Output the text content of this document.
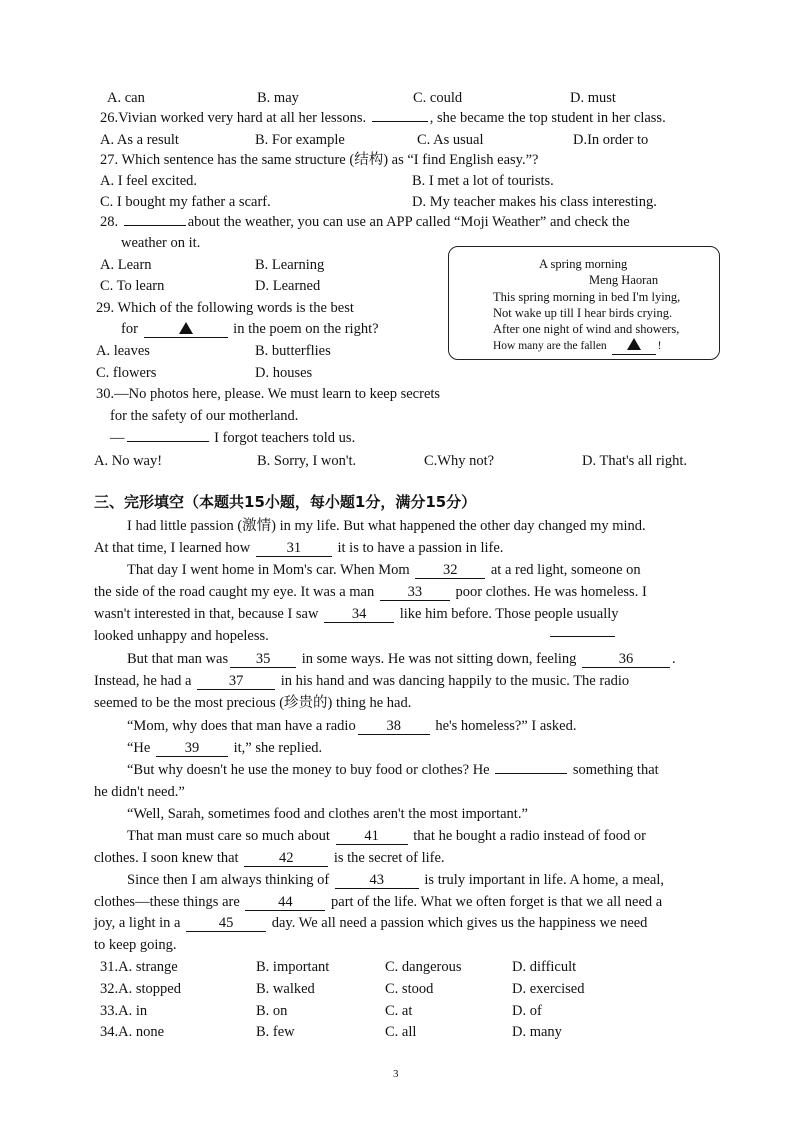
A. can	B. may	C. could	D. must
26.Vivian worked very hard at all her lessons.	, she became the top student in her class.
A. As a result	B. For example	C. As usual	D.In order to
27. Which sentence has the same structure (结构) as “I find English easy.”?
A. I feel excited.	B. I met a lot of tourists.
C. I bought my father a scarf.	D. My teacher makes his class interesting.
28.	about the weather, you can use an APP called “Moji Weather” and check the
weather on it.
A. Learn	B. Learning
C. To learn	D. Learned
A spring morning
Meng Haoran
This spring morning in bed I'm lying,
Not wake up till I hear birds crying.
After one night of wind and showers,
How many are the fallen	!
29. Which of the following words is the best
for	in the poem on the right?
A. leaves	B. butterflies
C. flowers	D. houses
30.—No photos here, please. We must learn to keep secrets
for the safety of our motherland.
—	I forgot teachers told us.
A. No way!	B. Sorry, I won't.	C.Why not?	D. That's all right.
三、完形填空（本题共15小题，每小题1分，满分15分）
I had little passion (激情) in my life. But what happened the other day changed my mind.
At that time, I learned how 31 it is to have a passion in life.
That day I went home in Mom's car. When Mom 32 at a red light, someone on
the side of the road caught my eye. It was a man 33 poor clothes. He was homeless. I
wasn't interested in that, because I saw 34 like him before. Those people usually
looked unhappy and hopeless.
But that man was 35 in some ways. He was not sitting down, feeling	36	.
Instead, he had a 37 in his hand and was dancing happily to the music. The radio
seemed to be the most precious (珍贵的) thing he had.
“Mom, why does that man have a radio 38 he's homeless?” I asked.
“He 39 it,” she replied.
“But why doesn't he use the money to buy food or clothes? He	something that
he didn't need.”
“Well, Sarah, sometimes food and clothes aren't the most important.”
That man must care so much about 41 that he bought a radio instead of food or
clothes. I soon knew that	42	is the secret of life.
Since then I am always thinking of	43	is truly important in life. A home, a meal,
clothes—these things are 44 part of the life. What we often forget is that we all need a
joy, a light in a 45 day. We all need a passion which gives us the happiness we need
to keep going.
31.A. strange	B. important	C. dangerous	D. difficult
32.A. stopped	B. walked	C. stood	D. exercised
33.A. in	B. on	C. at	D. of
34.A. none	B. few	C. all	D. many
3
